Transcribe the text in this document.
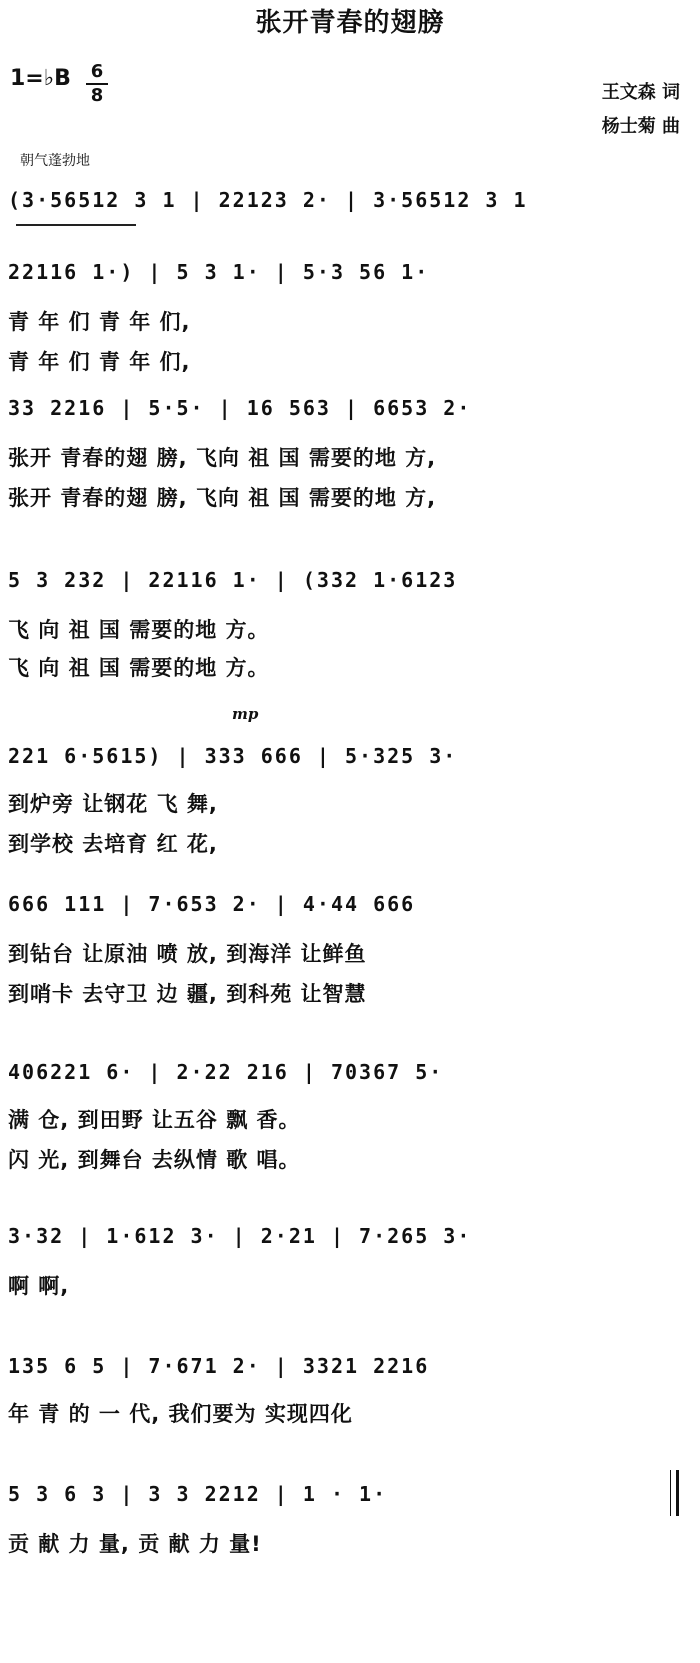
张开青春的翅膀
1=♭B 6
8	王文森 词
杨士菊 曲
朝气蓬勃地
mp
(3·56512 3 1 | 22123 2· | 3·56512 3 1
22116 1·) | 5 3 1· | 5·3 56 1·
青 年 们 青 年 们,
青 年 们 青 年 们,
33 2216 | 5·5· | 16 563 | 6653 2·
张开 青春的翅 膀, 飞向 祖 国 需要的地 方,
张开 青春的翅 膀, 飞向 祖 国 需要的地 方,
5 3 232 | 22116 1· | (332 1·6123
飞 向 祖 国 需要的地 方。
飞 向 祖 国 需要的地 方。
221 6·5615) | 333 666 | 5·325 3·
到炉旁 让钢花 飞 舞,
到学校 去培育 红 花,
666 111 | 7·653 2· | 4·44 666
到钻台 让原油 喷 放, 到海洋 让鲜鱼
到哨卡 去守卫 边 疆, 到科苑 让智慧
406221 6· | 2·22 216 | 70367 5·
满 仓, 到田野 让五谷 飘 香。
闪 光, 到舞台 去纵情 歌 唱。
3·32 | 1·612 3· | 2·21 | 7·265 3·
啊 啊,
135 6 5 | 7·671 2· | 3321 2216
年 青 的 一 代, 我们要为 实现四化
5 3 6 3 | 3 3 2212 | 1 · 1·
贡 献 力 量, 贡 献 力 量!
